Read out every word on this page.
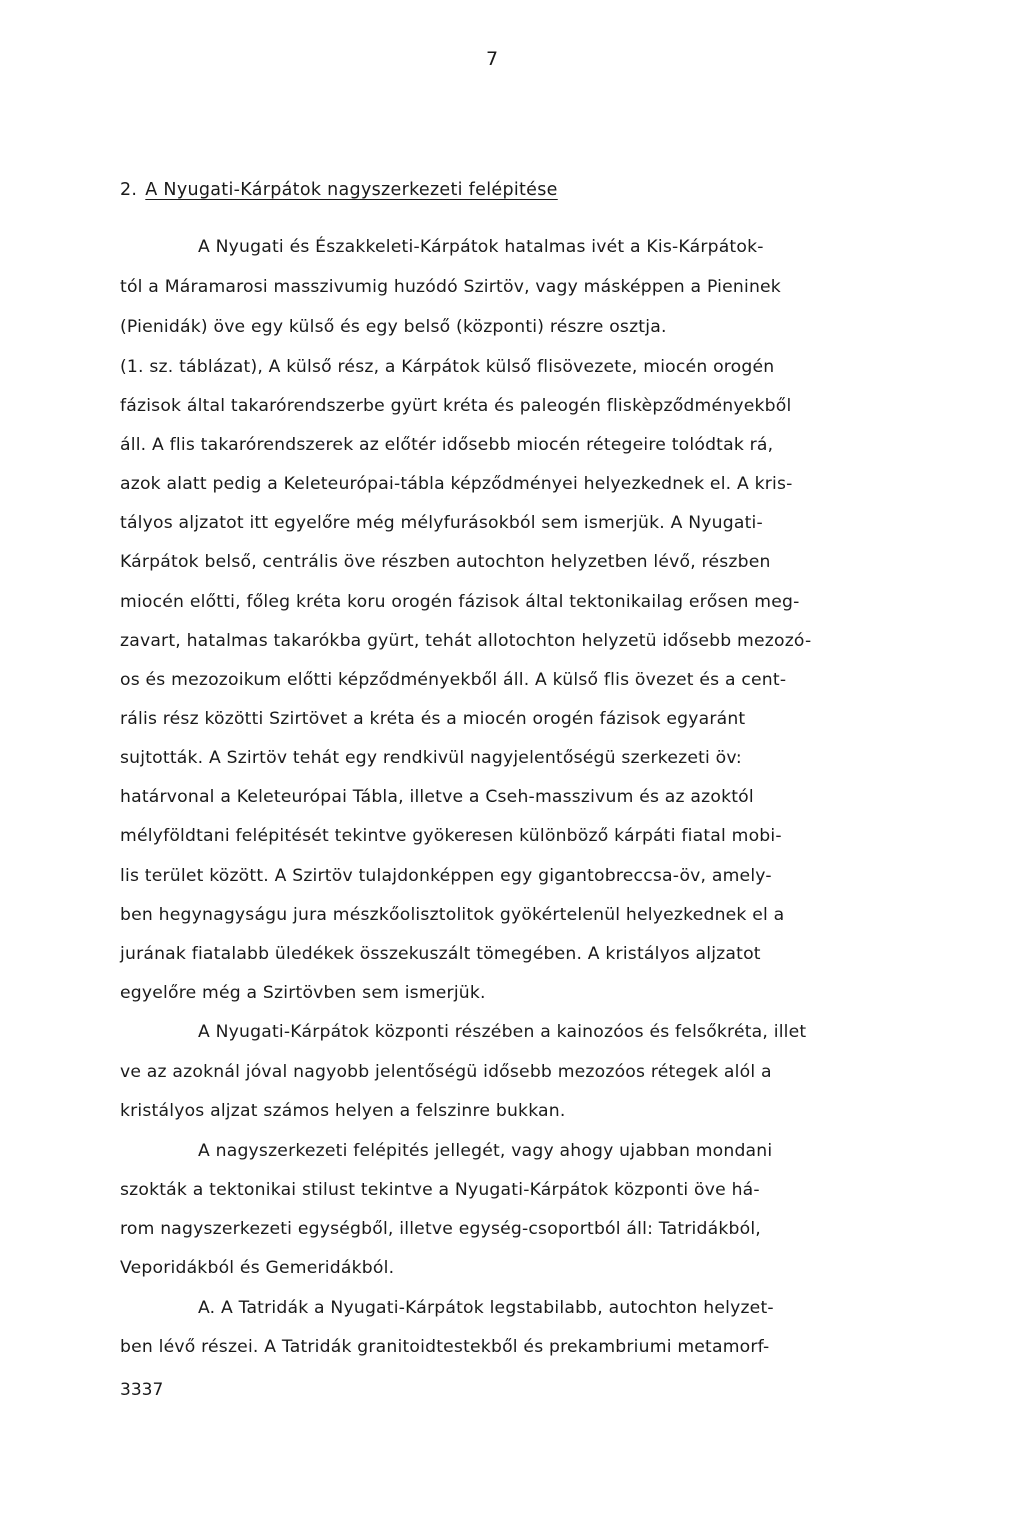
7
2. A Nyugati-Kárpátok nagyszerkezeti felépitése
A Nyugati és Északkeleti-Kárpátok hatalmas ivét a Kis-Kárpátok-
tól a Máramarosi masszivumig huzódó Szirtöv, vagy másképpen a Pieninek
(Pienidák) öve egy külső és egy belső (központi) részre osztja.
(1. sz. táblázat), A külső rész, a Kárpátok külső flisövezete, miocén orogén
fázisok által takarórendszerbe gyürt kréta és paleogén fliskèpződményekből
áll. A flis takarórendszerek az előtér idősebb miocén rétegeire tolódtak rá,
azok alatt pedig a Keleteurópai-tábla képződményei helyezkednek el. A kris-
tályos aljzatot itt egyelőre még mélyfurásokból sem ismerjük. A Nyugati-
Kárpátok belső, centrális öve részben autochton helyzetben lévő, részben
miocén előtti, főleg kréta koru orogén fázisok által tektonikailag erősen meg-
zavart, hatalmas takarókba gyürt, tehát allotochton helyzetü idősebb mezozó-
os és mezozoikum előtti képződményekből áll. A külső flis övezet és a cent-
rális rész közötti Szirtövet a kréta és a miocén orogén fázisok egyaránt
sujtották. A Szirtöv tehát egy rendkivül nagyjelentőségü szerkezeti öv:
határvonal a Keleteurópai Tábla, illetve a Cseh-masszivum és az azoktól
mélyföldtani felépitését tekintve gyökeresen különböző kárpáti fiatal mobi-
lis terület között. A Szirtöv tulajdonképpen egy gigantobreccsa-öv, amely-
ben hegynagyságu jura mészkőolisztolitok gyökértelenül helyezkednek el a
jurának fiatalabb üledékek összekuszált tömegében. A kristályos aljzatot
egyelőre még a Szirtövben sem ismerjük.
A Nyugati-Kárpátok központi részében a kainozóos és felsőkréta, illet
ve az azoknál jóval nagyobb jelentőségü idősebb mezozóos rétegek alól a
kristályos aljzat számos helyen a felszinre bukkan.
A nagyszerkezeti felépités jellegét, vagy ahogy ujabban mondani
szokták a tektonikai stilust tekintve a Nyugati-Kárpátok központi öve há-
rom nagyszerkezeti egységből, illetve egység-csoportból áll: Tatridákból,
Veporidákból és Gemeridákból.
A. A Tatridák a Nyugati-Kárpátok legstabilabb, autochton helyzet-
ben lévő részei. A Tatridák granitoidtestekből és prekambriumi metamorf-
3337
